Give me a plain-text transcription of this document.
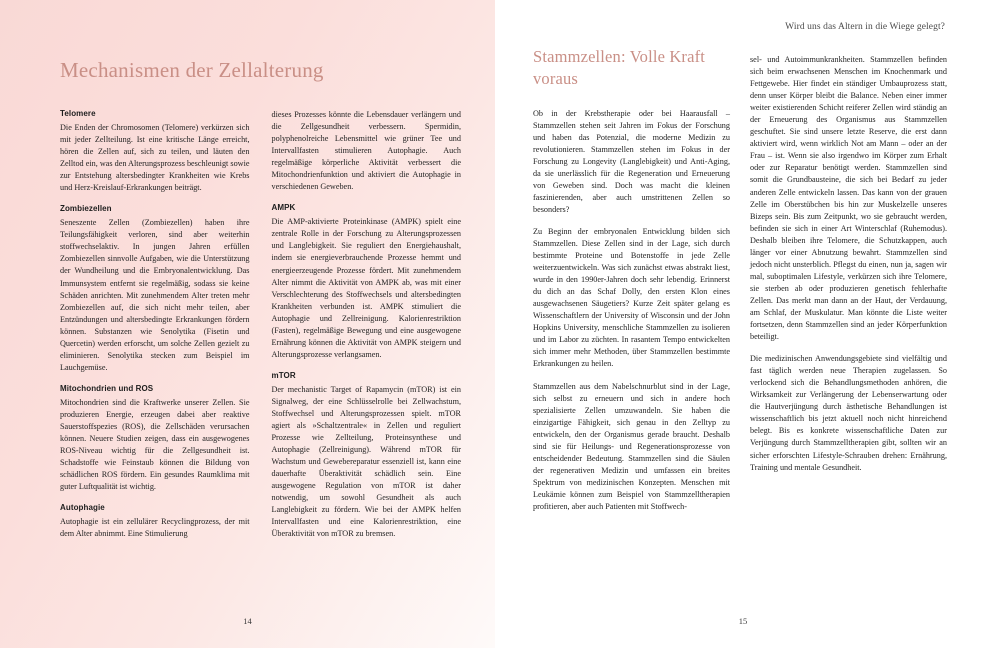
Mechanismen der Zellalterung
Telomere

Die Enden der Chromosomen (Telomere) verkürzen sich mit jeder Zellteilung. Ist eine kritische Länge erreicht, hören die Zellen auf, sich zu teilen, und läuten den Zelltod ein, was den Alterungsprozess beschleunigt sowie zur Entstehung altersbedingter Krankheiten wie Krebs und Herz-Kreislauf-Erkrankungen beiträgt.

Zombiezellen

Seneszente Zellen (Zombiezellen) haben ihre Teilungsfähigkeit verloren, sind aber weiterhin stoffwechselaktiv. In jungen Jahren erfüllen Zombiezellen sinnvolle Aufgaben, wie die Unterstützung der Wundheilung und die Embryonalentwicklung. Das Immunsystem entfernt sie regelmäßig, sodass sie keine Schäden anrichten. Mit zunehmendem Alter treten mehr Zombiezellen auf, die sich nicht mehr teilen, aber Entzündungen und altersbedingte Erkrankungen fördern können. Substanzen wie Senolytika (Fisetin und Quercetin) werden erforscht, um solche Zellen gezielt zu eliminieren. Senolytika stecken zum Beispiel im Lauchgemüse.

Mitochondrien und ROS

Mitochondrien sind die Kraftwerke unserer Zellen. Sie produzieren Energie, erzeugen dabei aber reaktive Sauerstoffspezies (ROS), die Zellschäden verursachen können. Neuere Studien zeigen, dass ein ausgewogenes ROS-Niveau wichtig für die Zellgesundheit ist. Schadstoffe wie Feinstaub können die Bildung von schädlichen ROS fördern. Ein gesundes Raumklima mit guter Luftqualität ist wichtig.

Autophagie

Autophagie ist ein zellulärer Recyclingprozess, der mit dem Alter abnimmt. Eine Stimulierung

dieses Prozesses könnte die Lebensdauer verlängern und die Zellgesundheit verbessern. Spermidin, polyphenolreiche Lebensmittel wie grüner Tee und Intervallfasten stimulieren Autophagie. Auch regelmäßige körperliche Aktivität verbessert die Mitochondrienfunktion und aktiviert die Autophagie in verschiedenen Geweben.

AMPK

Die AMP-aktivierte Proteinkinase (AMPK) spielt eine zentrale Rolle in der Forschung zu Alterungsprozessen und Langlebigkeit. Sie reguliert den Energiehaushalt, indem sie energieverbrauchende Prozesse hemmt und energieerzeugende Prozesse fördert. Mit zunehmendem Alter nimmt die Aktivität von AMPK ab, was mit einer Verschlechterung des Stoffwechsels und altersbedingten Krankheiten verbunden ist. AMPK stimuliert die Autophagie und Zellreinigung. Kalorienrestriktion (Fasten), regelmäßige Bewegung und eine ausgewogene Ernährung können die Aktivität von AMPK steigern und Alterungsprozesse verlangsamen.

mTOR

Der mechanistic Target of Rapamycin (mTOR) ist ein Signalweg, der eine Schlüsselrolle bei Zellwachstum, Stoffwechsel und Alterungsprozessen spielt. mTOR agiert als »Schaltzentrale« in Zellen und reguliert Prozesse wie Zellteilung, Proteinsynthese und Autophagie (Zellreinigung). Während mTOR für Wachstum und Gewebereparatur essenziell ist, kann eine dauerhafte Überaktivität schädlich sein. Eine ausgewogene Regulation von mTOR ist daher notwendig, um sowohl Gesundheit als auch Langlebigkeit zu fördern. Wie bei der AMPK helfen Intervallfasten und eine Kalorienrestriktion, eine Überaktivität von mTOR zu bremsen.

14
Wird uns das Altern in die Wiege gelegt?
Stammzellen: Volle Kraft voraus

Ob in der Krebstherapie oder bei Haarausfall – Stammzellen stehen seit Jahren im Fokus der Forschung und haben das Potenzial, die moderne Medizin zu revolutionieren. Stammzellen stehen im Fokus in der Forschung zu Longevity (Langlebigkeit) und Anti-Aging, da sie unerlässlich für die Regeneration und Erneuerung von Geweben sind. Doch was macht die kleinen faszinierenden, aber auch umstrittenen Zellen so besonders?

Zu Beginn der embryonalen Entwicklung bilden sich Stammzellen. Diese Zellen sind in der Lage, sich durch bestimmte Proteine und Botenstoffe in jede Zelle weiterzuentwickeln. Was sich zunächst etwas abstrakt liest, wurde in den 1990er-Jahren doch sehr lebendig. Erinnerst du dich an das Schaf Dolly, den ersten Klon eines ausgewachsenen Säugetiers? Kurze Zeit später gelang es Wissenschaftlern der University of Wisconsin und der John Hopkins University, menschliche Stammzellen zu isolieren und im Labor zu züchten. In rasantem Tempo entwickelten sich immer mehr Methoden, über Stammzellen bestimmte Erkrankungen zu heilen.

Stammzellen aus dem Nabelschnurblut sind in der Lage, sich selbst zu erneuern und sich in andere hoch spezialisierte Zellen umzuwandeln. Sie haben die einzigartige Fähigkeit, sich genau in den Zelltyp zu entwickeln, den der Organismus gerade braucht. Deshalb sind sie für Heilungs- und Regenerationsprozesse von entscheidender Bedeutung. Stammzellen sind die Säulen der regenerativen Medizin und umfassen ein breites Spektrum von medizinischen Konzepten. Menschen mit Leukämie können zum Beispiel von Stammzelltherapien profitieren, aber auch Patienten mit Stoffwech-

sel- und Autoimmunkrankheiten. Stammzellen befinden sich beim erwachsenen Menschen im Knochenmark und Fettgewebe. Hier findet ein ständiger Umbauprozess statt, denn unser Körper bleibt die Balance. Neben einer immer weiter existierenden Schicht reiferer Zellen wird ständig an der Erneuerung des Organismus aus Stammzellen geschuftet. Sie sind unsere letzte Reserve, die erst dann aktiviert wird, wenn wirklich Not am Mann – oder an der Frau – ist. Wenn sie also irgendwo im Körper zum Erhalt oder zur Reparatur benötigt werden. Stammzellen sind somit die Grundbausteine, die sich bei Bedarf zu jeder anderen Zelle entwickeln lassen. Das kann von der grauen Zelle im Oberstübchen bis hin zur Muskelzelle unseres Bizeps sein. Bis zum Zeitpunkt, wo sie gebraucht werden, befinden sie sich in einer Art Winterschlaf (Ruhemodus). Deshalb bleiben ihre Telomere, die Schutzkappen, auch länger vor einer Abnutzung bewahrt. Stammzellen sind jedoch nicht unsterblich. Pflegst du einen, nun ja, sagen wir mal, suboptimalen Lifestyle, verkürzen sich ihre Telomere, sie sterben ab oder produzieren genetisch fehlerhafte Zellen. Das merkt man dann an der Haut, der Verdauung, am Schlaf, der Muskulatur. Man könnte die Liste weiter fortsetzen, denn Stammzellen sind an jeder Körperfunktion beteiligt.

Die medizinischen Anwendungsgebiete sind vielfältig und fast täglich werden neue Therapien zugelassen. So verlockend sich die Behandlungsmethoden anhören, die Wirksamkeit zur Verlängerung der Lebenserwartung oder die Hautverjüngung durch ästhetische Behandlungen ist wissenschaftlich bis jetzt aktuell noch nicht hinreichend belegt. Bis es konkrete wissenschaftliche Daten zur Verjüngung durch Stammzelltherapien gibt, sollten wir an sicher erforschten Lifestyle-Schrauben drehen: Ernährung, Training und mentale Gesundheit.

15
